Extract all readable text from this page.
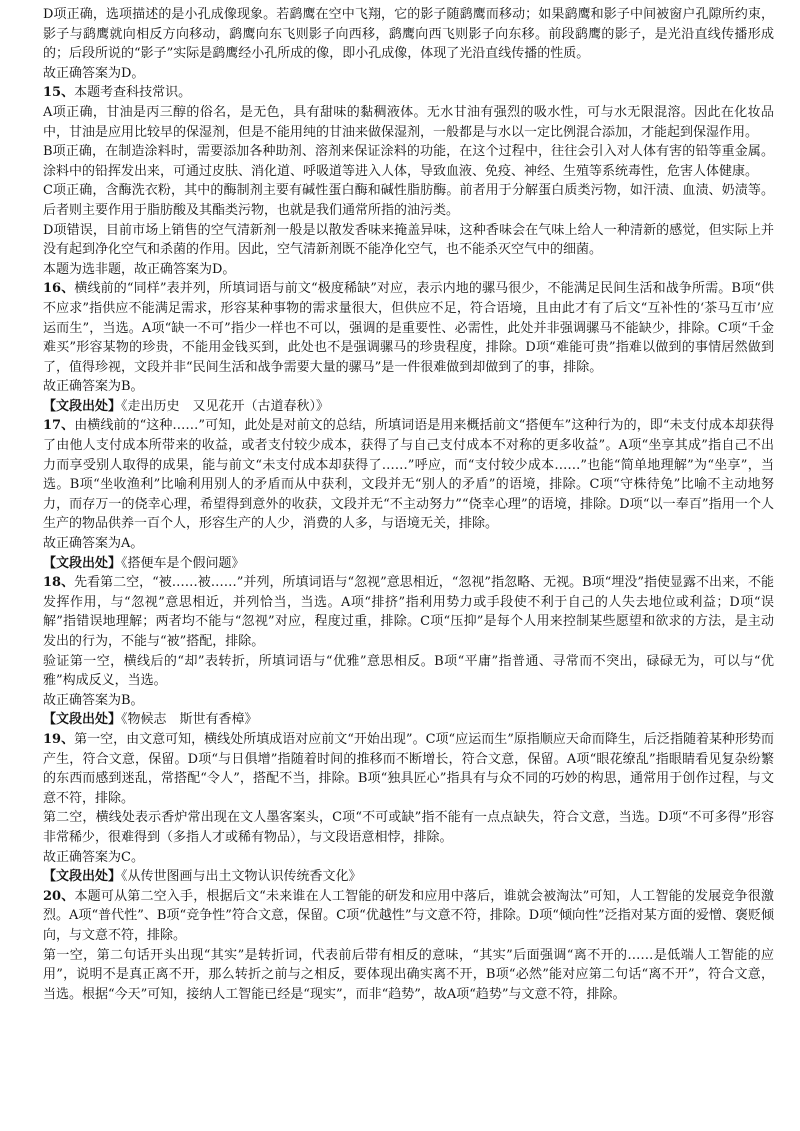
D项正确，选项描述的是小孔成像现象。若鹞鹰在空中飞翔，它的影子随鹞鹰而移动；如果鹞鹰和影子中间被窗户孔隙所约束，影子与鹞鹰就向相反方向移动，鹞鹰向东飞则影子向西移，鹞鹰向西飞则影子向东移。前段鹞鹰的影子，是光沿直线传播形成的；后段所说的“影子”实际是鹞鹰经小孔所成的像，即小孔成像，体现了光沿直线传播的性质。

故正确答案为D。

15、本题考查科技常识。

A项正确，甘油是丙三醇的俗名，是无色，具有甜味的黏稠液体。无水甘油有强烈的吸水性，可与水无限混溶。因此在化妆品中，甘油是应用比较早的保湿剂，但是不能用纯的甘油来做保湿剂，一般都是与水以一定比例混合添加，才能起到保湿作用。

B项正确，在制造涂料时，需要添加各种助剂、溶剂来保证涂料的功能，在这个过程中，往往会引入对人体有害的铅等重金属。涂料中的铅挥发出来，可通过皮肤、消化道、呼吸道等进入人体，导致血液、免疫、神经、生殖等系统毒性，危害人体健康。

C项正确，含酶洗衣粉，其中的酶制剂主要有碱性蛋白酶和碱性脂肪酶。前者用于分解蛋白质类污物，如汗渍、血渍、奶渍等。后者则主要作用于脂肪酸及其酯类污物，也就是我们通常所指的油污类。

D项错误，目前市场上销售的空气清新剂一般是以散发香味来掩盖异味，这种香味会在气味上给人一种清新的感觉，但实际上并没有起到净化空气和杀菌的作用。因此，空气清新剂既不能净化空气，也不能杀灭空气中的细菌。

本题为选非题，故正确答案为D。

16、横线前的“同样”表并列，所填词语与前文“极度稀缺”对应，表示内地的骡马很少，不能满足民间生活和战争所需。B项“供不应求”指供应不能满足需求，形容某种事物的需求量很大，但供应不足，符合语境，且由此才有了后文“互补性的‘茶马互市’应运而生”，当选。A项“缺一不可”指少一样也不可以，强调的是重要性、必需性，此处并非强调骡马不能缺少，排除。C项“千金难买”形容某物的珍贵，不能用金钱买到，此处也不是强调骡马的珍贵程度，排除。D项“难能可贵”指难以做到的事情居然做到了，值得珍视，文段并非“民间生活和战争需要大量的骡马”是一件很难做到却做到了的事，排除。

故正确答案为B。

【文段出处】《走出历史　又见花开（古道春秋）》

17、由横线前的“这种……”可知，此处是对前文的总结，所填词语是用来概括前文“搭便车”这种行为的，即“未支付成本却获得了由他人支付成本所带来的收益，或者支付较少成本，获得了与自己支付成本不对称的更多收益”。A项“坐享其成”指自己不出力而享受别人取得的成果，能与前文“未支付成本却获得了……”呼应，而“支付较少成本……”也能“简单地理解”为“坐享”，当选。B项“坐收渔利”比喻利用别人的矛盾而从中获利，文段并无“别人的矛盾”的语境，排除。C项“守株待兔”比喻不主动地努力，而存万一的侥幸心理，希望得到意外的收获，文段并无“不主动努力”“侥幸心理”的语境，排除。D项“以一奉百”指用一个人生产的物品供养一百个人，形容生产的人少，消费的人多，与语境无关，排除。

故正确答案为A。

【文段出处】《搭便车是个假问题》

18、先看第二空，“被……被……”并列，所填词语与“忽视”意思相近，“忽视”指忽略、无视。B项“埋没”指使显露不出来，不能发挥作用，与“忽视”意思相近，并列恰当，当选。A项“排挤”指利用势力或手段使不利于自己的人失去地位或利益；D项“误解”指错误地理解；两者均不能与“忽视”对应，程度过重，排除。C项“压抑”是每个人用来控制某些愿望和欲求的方法，是主动发出的行为，不能与“被”搭配，排除。

验证第一空，横线后的“却”表转折，所填词语与“优雅”意思相反。B项“平庸”指普通、寻常而不突出，碌碌无为，可以与“优雅”构成反义，当选。

故正确答案为B。

【文段出处】《物候志　斯世有香樟》

19、第一空，由文意可知，横线处所填成语对应前文“开始出现”。C项“应运而生”原指顺应天命而降生，后泛指随着某种形势而产生，符合文意，保留。D项“与日俱增”指随着时间的推移而不断增长，符合文意，保留。A项“眼花缭乱”指眼睛看见复杂纷繁的东西而感到迷乱，常搭配“令人”，搭配不当，排除。B项“独具匠心”指具有与众不同的巧妙的构思，通常用于创作过程，与文意不符，排除。

第二空，横线处表示香炉常出现在文人墨客案头，C项“不可或缺”指不能有一点点缺失，符合文意，当选。D项“不可多得”形容非常稀少，很难得到（多指人才或稀有物品），与文段语意相悖，排除。

故正确答案为C。

【文段出处】《从传世图画与出土文物认识传统香文化》

20、本题可从第二空入手，根据后文“未来谁在人工智能的研发和应用中落后，谁就会被淘汰”可知，人工智能的发展竞争很激烈。A项“普代性”、B项“竞争性”符合文意，保留。C项“优越性”与文意不符，排除。D项“倾向性”泛指对某方面的爱憎、褒贬倾向，与文意不符，排除。

第一空，第二句话开头出现“其实”是转折词，代表前后带有相反的意味，“其实”后面强调“离不开的……是低端人工智能的应用”，说明不是真正离不开，那么转折之前与之相反，要体现出确实离不开，B项“必然”能对应第二句话“离不开”，符合文意，当选。根据“今天”可知，接纳人工智能已经是“现实”，而非“趋势”，故A项“趋势”与文意不符，排除。
